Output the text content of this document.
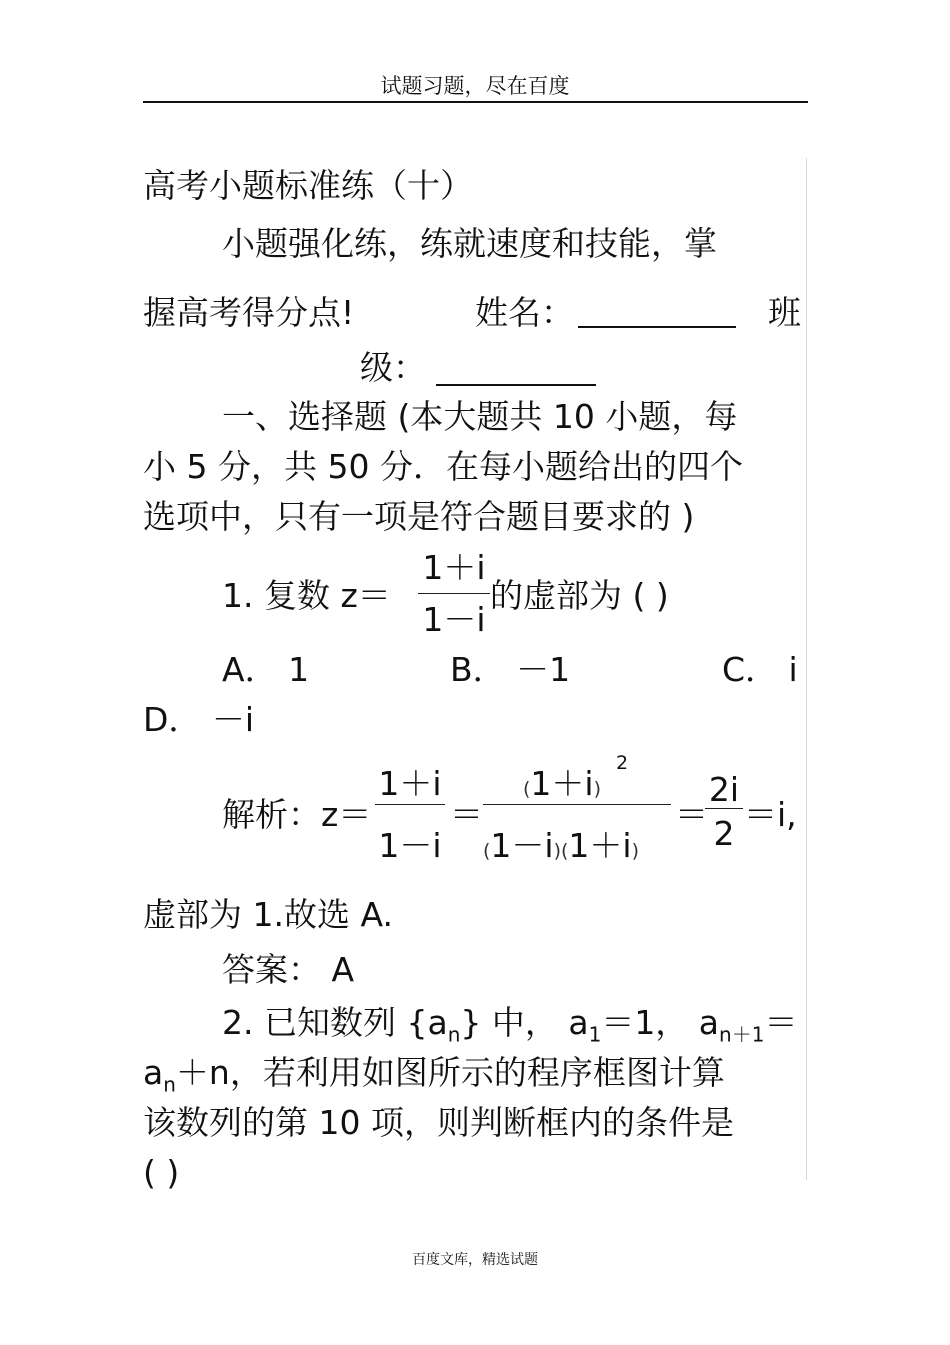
试题习题，尽在百度
高考小题标准练（十）
小题强化练，练就速度和技能，掌
握高考得分点!	姓名：	班
级：
一、选择题 (本大题共 10 小题，每
小 5 分，共 50 分．在每小题给出的四个
选项中，只有一项是符合题目要求的 )
1. 复数 z＝
1＋i
1－i
的虚部为 ( )
A． 1	B． －1	C． i
D． －i
解析：z＝
1＋i
1－i
＝
(1＋i)
2
(1－i)(1＋i)
＝
2i
2 ＝i,
虚部为 1.故选 A.
答案： A
2. 已知数列 $\{a_n\}$ 中， $a_1=1$， $a_{n+1}=$
$a_n+n$，若利用如图所示的程序框图计算
该数列的第 10 项，则判断框内的条件是
( )
百度文库，精选试题
